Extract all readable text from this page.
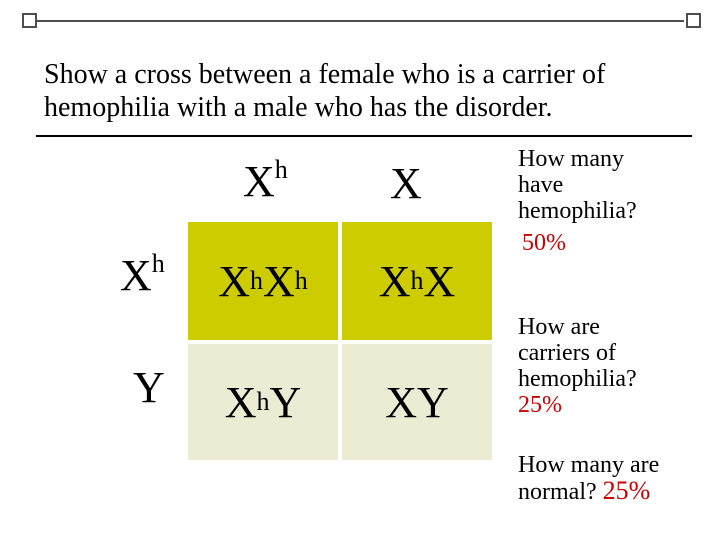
Show a cross between a female who is a carrier of hemophilia with a male who has the disorder.
$X^h$ X
$X^h$
Y
X h X h X h X
X h Y X Y
How many have hemophilia?
50%
How are carriers of hemophilia?
25%
How many are normal? 25%
